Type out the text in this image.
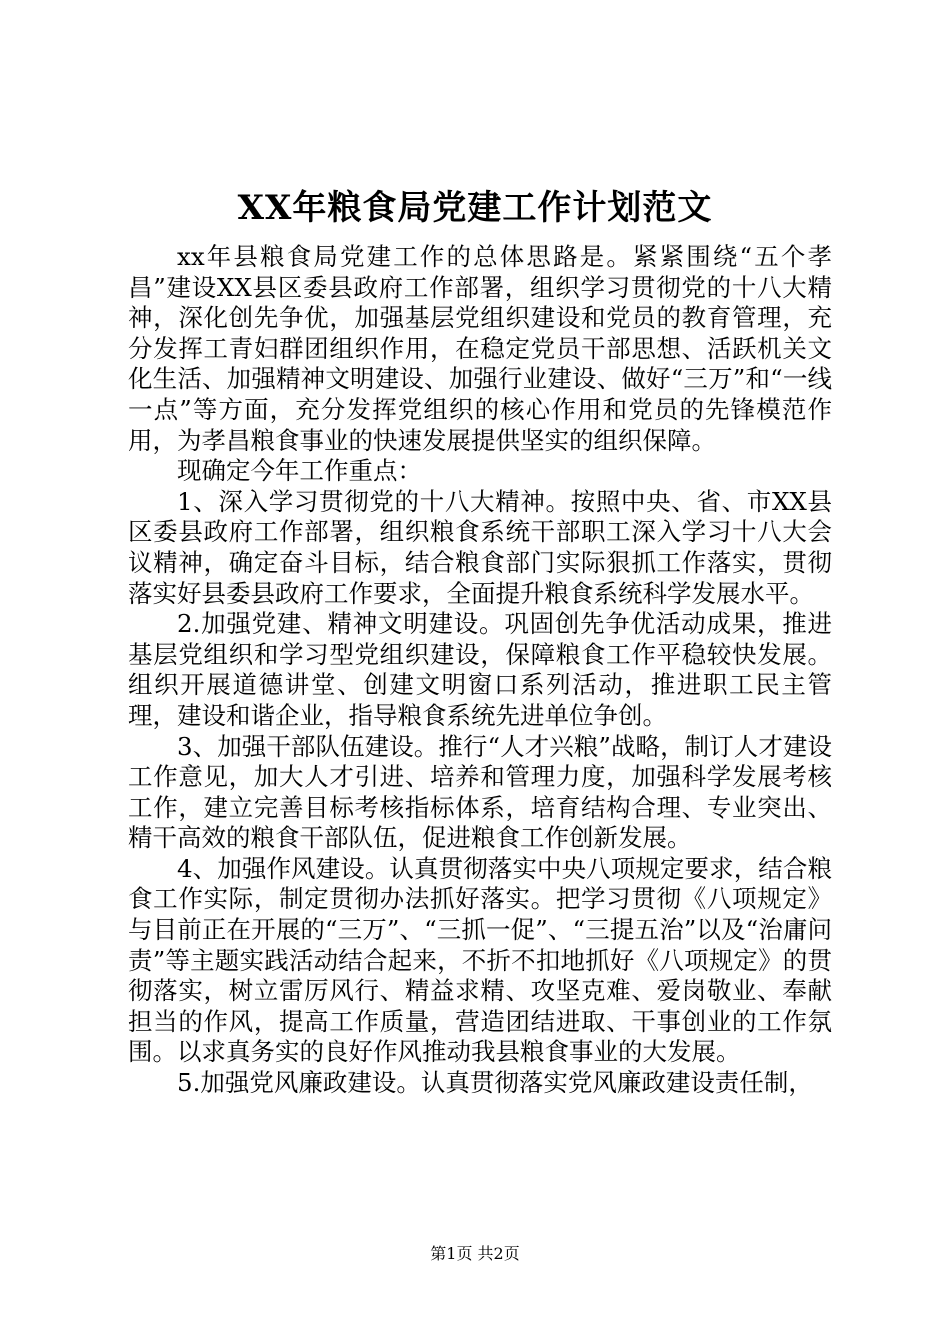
XX年粮食局党建工作计划范文

xx年县粮食局党建工作的总体思路是。紧紧围绕“五个孝昌”建设XX县区委县政府工作部署，组织学习贯彻党的十八大精神，深化创先争优，加强基层党组织建设和党员的教育管理，充分发挥工青妇群团组织作用，在稳定党员干部思想、活跃机关文化生活、加强精神文明建设、加强行业建设、做好“三万”和“一线一点”等方面，充分发挥党组织的核心作用和党员的先锋模范作用，为孝昌粮食事业的快速发展提供坚实的组织保障。

现确定今年工作重点：

1、深入学习贯彻党的十八大精神。按照中央、省、市XX县区委县政府工作部署，组织粮食系统干部职工深入学习十八大会议精神，确定奋斗目标，结合粮食部门实际狠抓工作落实，贯彻落实好县委县政府工作要求，全面提升粮食系统科学发展水平。

2.加强党建、精神文明建设。巩固创先争优活动成果，推进基层党组织和学习型党组织建设，保障粮食工作平稳较快发展。组织开展道德讲堂、创建文明窗口系列活动，推进职工民主管理，建设和谐企业，指导粮食系统先进单位争创。

3、加强干部队伍建设。推行“人才兴粮”战略，制订人才建设工作意见，加大人才引进、培养和管理力度，加强科学发展考核工作，建立完善目标考核指标体系，培育结构合理、专业突出、精干高效的粮食干部队伍，促进粮食工作创新发展。

4、加强作风建设。认真贯彻落实中央八项规定要求，结合粮食工作实际，制定贯彻办法抓好落实。把学习贯彻《八项规定》与目前正在开展的“三万”、“三抓一促”、“三提五治”以及“治庸问责”等主题实践活动结合起来，不折不扣地抓好《八项规定》的贯彻落实，树立雷厉风行、精益求精、攻坚克难、爱岗敬业、奉献担当的作风，提高工作质量，营造团结进取、干事创业的工作氛围。以求真务实的良好作风推动我县粮食事业的大发展。

5.加强党风廉政建设。认真贯彻落实党风廉政建设责任制，

第1页 共2页
